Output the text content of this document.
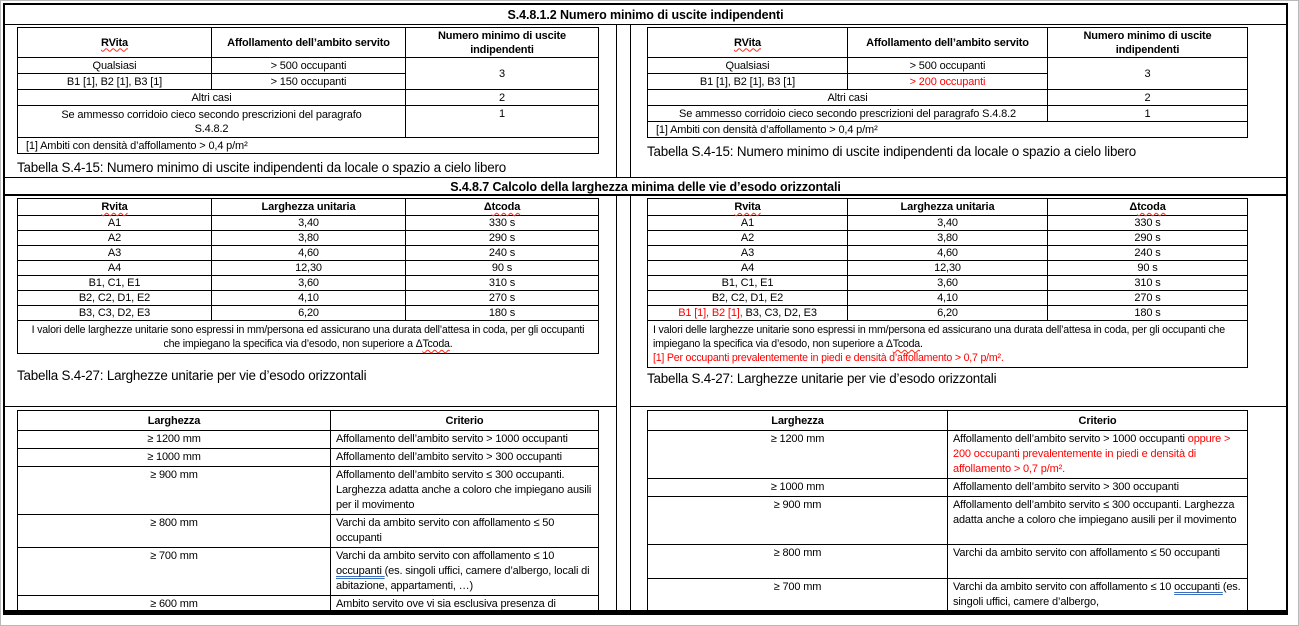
S.4.8.1.2 Numero minimo di uscite indipendenti
RVita	Affollamento dell’ambito servito	Numero minimo di uscite indipendenti
Qualsiasi	> 500 occupanti	3
B1 [1], B2 [1], B3 [1]	> 150 occupanti	
Altri casi		2
Se ammesso corridoio cieco secondo prescrizioni del paragrafo
S.4.8.2		1
[1] Ambiti con densità d’affollamento > 0,4 p/m²		
Tabella S.4-15: Numero minimo di uscite indipendenti da locale o spazio a cielo libero
RVita	Affollamento dell’ambito servito	Numero minimo di uscite indipendenti
Qualsiasi	> 500 occupanti	3
B1 [1], B2 [1], B3 [1]	> 200 occupanti	
Altri casi		2
Se ammesso corridoio cieco secondo prescrizioni del paragrafo S.4.8.2		1
[1] Ambiti con densità d’affollamento > 0,4 p/m²		
Tabella S.4-15: Numero minimo di uscite indipendenti da locale o spazio a cielo libero
S.4.8.7 Calcolo della larghezza minima delle vie d’esodo orizzontali
Rvita	Larghezza unitaria	Δtcoda
A1	3,40	330 s
A2	3,80	290 s
A3	4,60	240 s
A4	12,30	90 s
B1, C1, E1	3,60	310 s
B2, C2, D1, E2	4,10	270 s
B3, C3, D2, E3	6,20	180 s
I valori delle larghezze unitarie sono espressi in mm/persona ed assicurano una durata dell’attesa in coda, per gli occupanti che impiegano la specifica via d’esodo, non superiore a ΔTcoda.		
Tabella S.4-27: Larghezze unitarie per vie d’esodo orizzontali
Rvita	Larghezza unitaria	Δtcoda
A1	3,40	330 s
A2	3,80	290 s
A3	4,60	240 s
A4	12,30	90 s
B1, C1, E1	3,60	310 s
B2, C2, D1, E2	4,10	270 s
B1 [1], B2 [1], B3, C3, D2, E3	6,20	180 s
I valori delle larghezze unitarie sono espressi in mm/persona ed assicurano una durata dell’attesa in coda, per gli occupanti che impiegano la specifica via d’esodo, non superiore a ΔTcoda.
[1] Per occupanti prevalentemente in piedi e densità d’affollamento > 0,7 p/m².		
Tabella S.4-27: Larghezze unitarie per vie d’esodo orizzontali
Larghezza	Criterio
≥ 1200 mm	Affollamento dell’ambito servito > 1000 occupanti
≥ 1000 mm	Affollamento dell’ambito servito > 300 occupanti
≥ 900 mm	Affollamento dell’ambito servito ≤ 300 occupanti. Larghezza adatta anche a coloro che impiegano ausili per il movimento
≥ 800 mm	Varchi da ambito servito con affollamento ≤ 50 occupanti
≥ 700 mm	Varchi da ambito servito con affollamento ≤ 10 occupanti (es. singoli uffici, camere d’albergo, locali di abitazione, appartamenti, …)
≥ 600 mm	Ambito servito ove vi sia esclusiva presenza di
Larghezza	Criterio
≥ 1200 mm	Affollamento dell’ambito servito > 1000 occupanti oppure > 200 occupanti prevalentemente in piedi e densità di affollamento > 0,7 p/m².
≥ 1000 mm	Affollamento dell’ambito servito > 300 occupanti
≥ 900 mm	Affollamento dell’ambito servito ≤ 300 occupanti. Larghezza adatta anche a coloro che impiegano ausili per il movimento
≥ 800 mm	Varchi da ambito servito con affollamento ≤ 50 occupanti
≥ 700 mm	Varchi da ambito servito con affollamento ≤ 10 occupanti (es. singoli uffici, camere d’albergo,
